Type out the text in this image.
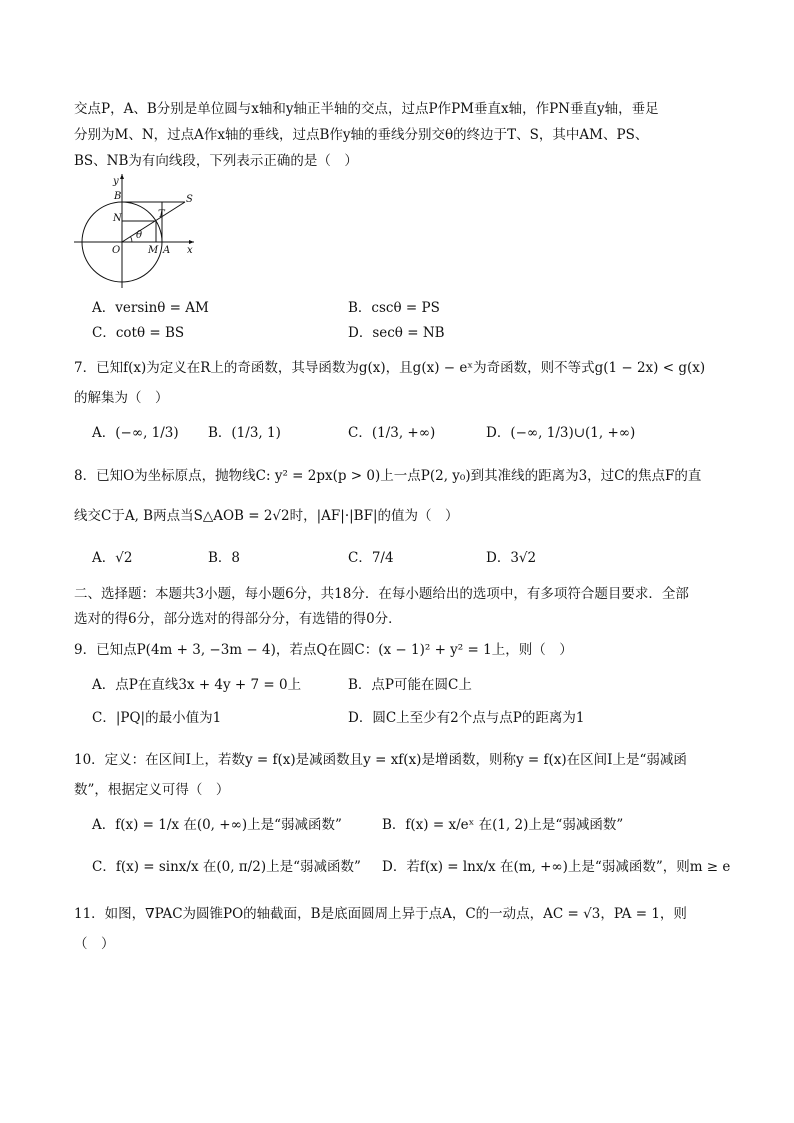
交点P，A、B分别是单位圆与x轴和y轴正半轴的交点，过点P作PM垂直x轴，作PN垂直y轴，垂足
分别为M、N，过点A作x轴的垂线，过点B作y轴的垂线分别交θ的终边于T、S，其中AM、PS、
BS、NB为有向线段，下列表示正确的是（　）
y
B	S
N	T
O
θ
M A x
A．versinθ = AM	B．cscθ = PS
C．cotθ = BS	D．secθ = NB
7．已知f(x)为定义在R上的奇函数，其导函数为g(x)，且g(x) − eˣ为奇函数，则不等式g(1 − 2x) < g(x)
的解集为（　）
A．(−∞, 1/3) B．(1/3, 1)	C．(1/3, +∞)	D．(−∞, 1/3)∪(1, +∞)
8．已知O为坐标原点，抛物线C: y² = 2px(p > 0)上一点P(2, y₀)到其准线的距离为3，过C的焦点F的直
线交C于A, B两点当S△AOB = 2√2时，|AF|·|BF|的值为（　）
A．√2	B．8	C．7/4	D．3√2
二、选择题：本题共3小题，每小题6分，共18分．在每小题给出的选项中，有多项符合题目要求．全部
选对的得6分，部分选对的得部分分，有选错的得0分．
9．已知点P(4m + 3, −3m − 4)，若点Q在圆C：(x − 1)² + y² = 1上，则（　）
A．点P在直线3x + 4y + 7 = 0上	B．点P可能在圆C上
C．|PQ|的最小值为1	D．圆C上至少有2个点与点P的距离为1
10．定义：在区间I上，若数y = f(x)是减函数且y = xf(x)是增函数，则称y = f(x)在区间I上是“弱减函
数”，根据定义可得（　）
A．f(x) = 1/x 在(0, +∞)上是“弱减函数”	B．f(x) = x/eˣ 在(1, 2)上是“弱减函数”
C．f(x) = sinx/x 在(0, π/2)上是“弱减函数” D．若f(x) = lnx/x 在(m, +∞)上是“弱减函数”，则m ≥ e
11．如图，∇PAC为圆锥PO的轴截面，B是底面圆周上异于点A，C的一动点，AC = √3，PA = 1，则
（　）
